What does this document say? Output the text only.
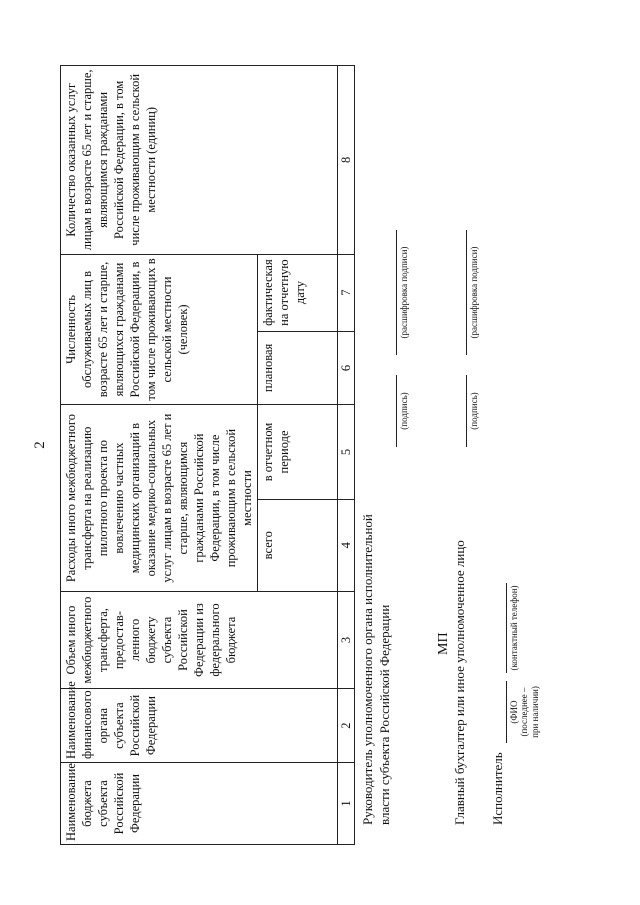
2
Наименование бюджета субъекта Российской Федерации	Наименование финансового органа субъекта Российской Федерации	Объем иного межбюджетного трансферта, предоставленного бюджету субъекта Российской Федерации из федерального бюджета	Расходы иного межбюджетного трансферта на реализацию пилотного проекта по вовлечению частных медицинских организаций в оказание медико-социальных услуг лицам в возрасте 65 лет и старше, являющимся гражданами Российской Федерации, в том числе проживающим в сельской местности		Численность обслуживаемых лиц в возрасте 65 лет и старше, являющихся гражданами Российской Федерации, в том числе проживающих в сельской местности (человек)		Количество оказанных услуг лицам в возрасте 65 лет и старше, являющимся гражданами Российской Федерации, в том числе проживающим в сельской местности (единиц)
			всего	в отчетном периоде	плановая	фактическая на отчетную дату	
1	2	3	4	5	6	7	8
Руководитель уполномоченного органа исполнительной власти субъекта Российской Федерации
(подпись)
(расшифровка подписи)
МП Главный бухгалтер или иное уполномоченное лицо
(подпись)
(расшифровка подписи)
Исполнитель
(ФИО (последнее – при наличии)
(контактный телефон)
